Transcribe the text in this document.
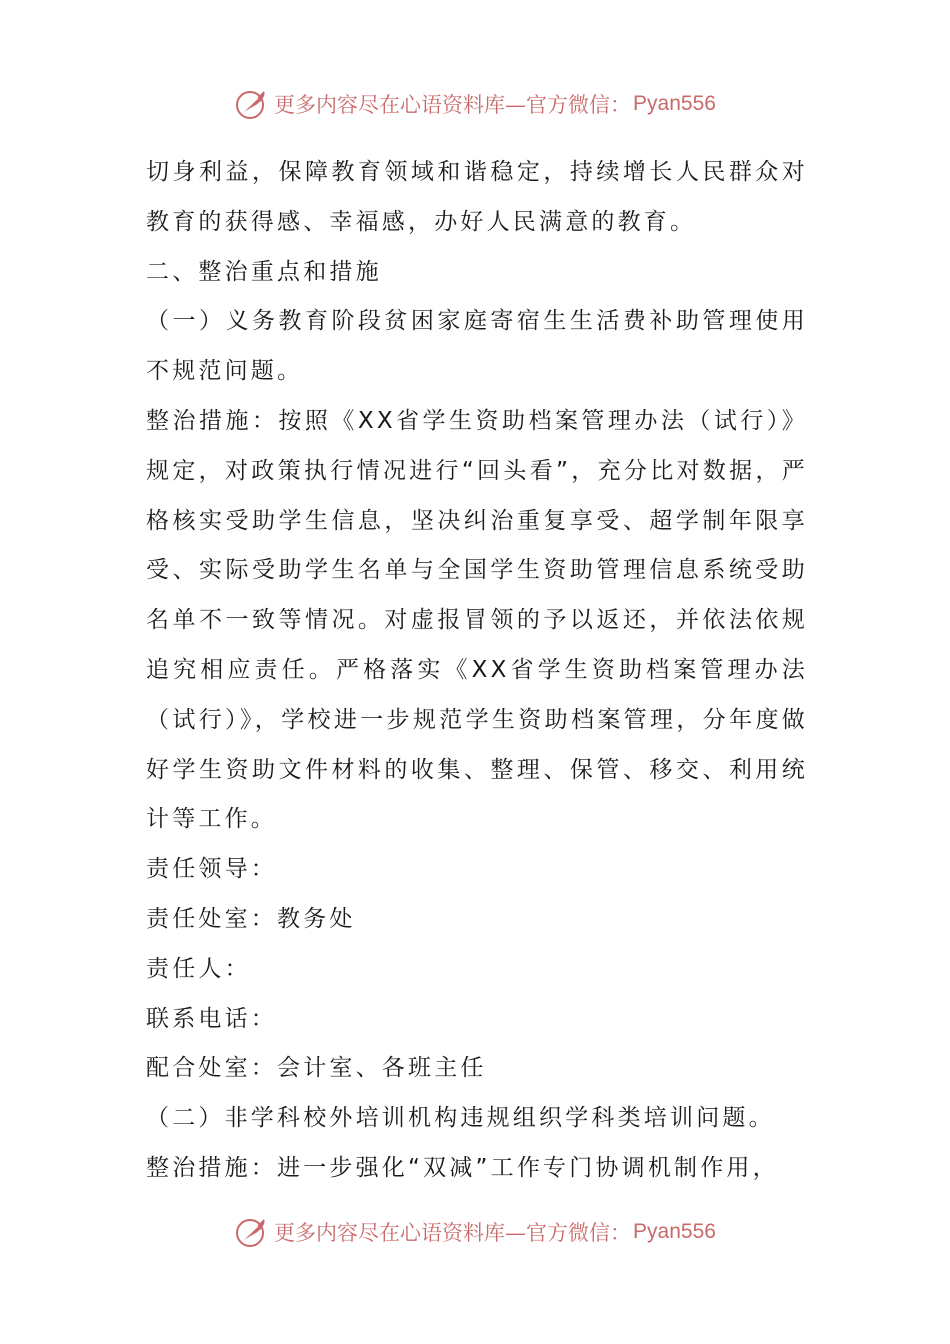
更多内容尽在心语资料库—官方微信： Pyan556

切身利益，保障教育领域和谐稳定，持续增长人民群众对教育的获得感、幸福感，办好人民满意的教育。

二、整治重点和措施

（一）义务教育阶段贫困家庭寄宿生生活费补助管理使用不规范问题。

整治措施：按照《XX省学生资助档案管理办法（试行）》规定，对政策执行情况进行“回头看”，充分比对数据，严格核实受助学生信息，坚决纠治重复享受、超学制年限享受、实际受助学生名单与全国学生资助管理信息系统受助名单不一致等情况。对虚报冒领的予以返还，并依法依规追究相应责任。严格落实《XX省学生资助档案管理办法（试行）》，学校进一步规范学生资助档案管理，分年度做好学生资助文件材料的收集、整理、保管、移交、利用统计等工作。

责任领导：

责任处室：教务处

责任人：

联系电话：

配合处室：会计室、各班主任

（二）非学科校外培训机构违规组织学科类培训问题。

整治措施：进一步强化“双减”工作专门协调机制作用，

更多内容尽在心语资料库—官方微信： Pyan556
